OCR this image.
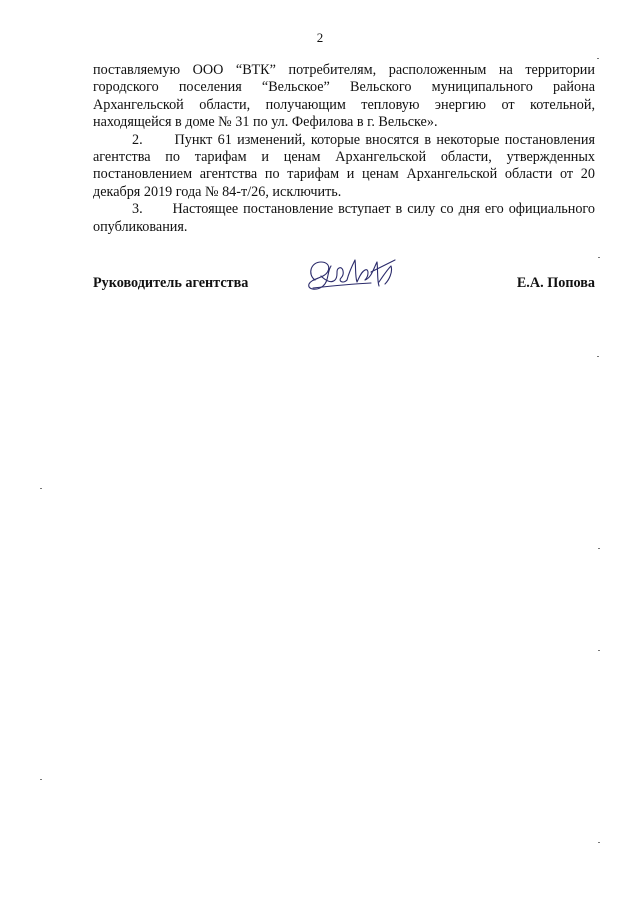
2

поставляемую ООО “ВТК” потребителям, расположенным на территории городского поселения “Вельское” Вельского муниципального района Архангельской области, получающим тепловую энергию от котельной, находящейся в доме № 31 по ул. Фефилова в г. Вельске».

2.      Пункт 61 изменений, которые вносятся в некоторые постановления агентства по тарифам и ценам Архангельской области, утвержденных постановлением агентства по тарифам и ценам Архангельской области от 20 декабря 2019 года № 84-т/26, исключить.

3.      Настоящее постановление вступает в силу со дня его официального опубликования.

Руководитель агентства	Е.А. Попова
